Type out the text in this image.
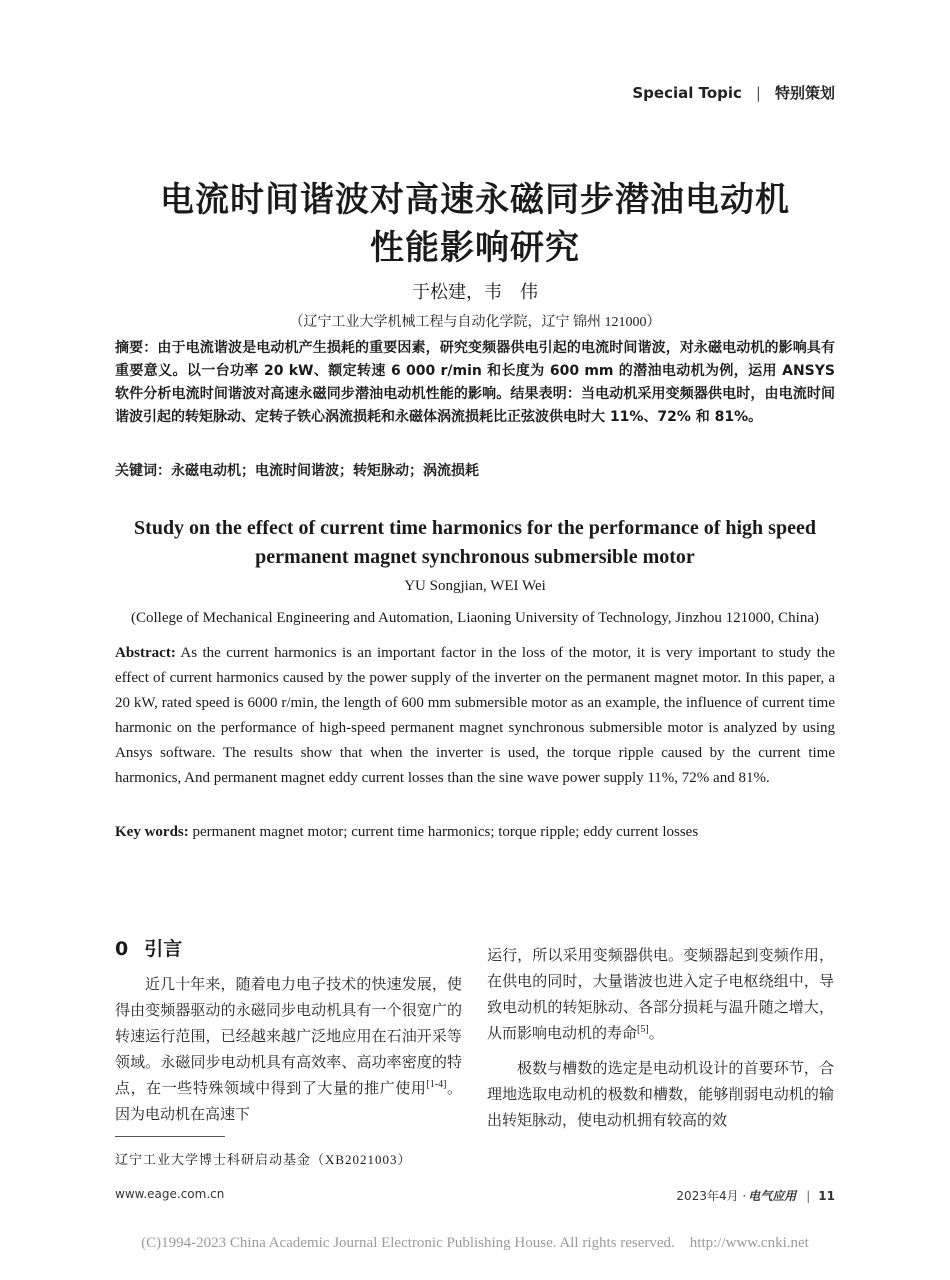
Special Topic | 特别策划
电流时间谐波对高速永磁同步潜油电动机
性能影响研究
于松建，韦　伟
（辽宁工业大学机械工程与自动化学院，辽宁 锦州 121000）
摘要：由于电流谐波是电动机产生损耗的重要因素，研究变频器供电引起的电流时间谐波，对永磁电动机的影响具有重要意义。以一台功率 20 kW、额定转速 6 000 r/min 和长度为 600 mm 的潜油电动机为例，运用 ANSYS 软件分析电流时间谐波对高速永磁同步潜油电动机性能的影响。结果表明：当电动机采用变频器供电时，由电流时间谐波引起的转矩脉动、定转子铁心涡流损耗和永磁体涡流损耗比正弦波供电时大 11%、72% 和 81%。
关键词：永磁电动机；电流时间谐波；转矩脉动；涡流损耗
Study on the effect of current time harmonics for the performance of high speed
permanent magnet synchronous submersible motor
YU Songjian, WEI Wei
(College of Mechanical Engineering and Automation, Liaoning University of Technology, Jinzhou 121000, China)
Abstract: As the current harmonics is an important factor in the loss of the motor, it is very important to study the effect of current harmonics caused by the power supply of the inverter on the permanent magnet motor. In this paper, a 20 kW, rated speed is 6000 r/min, the length of 600 mm submersible motor as an example, the influence of current time harmonic on the performance of high-speed permanent magnet synchronous submersible motor is analyzed by using Ansys software. The results show that when the inverter is used, the torque ripple caused by the current time harmonics, And permanent magnet eddy current losses than the sine wave power supply 11%, 72% and 81%.
Key words: permanent magnet motor; current time harmonics; torque ripple; eddy current losses
0 引言

近几十年来，随着电力电子技术的快速发展，使得由变频器驱动的永磁同步电动机具有一个很宽广的转速运行范围，已经越来越广泛地应用在石油开采等领域。永磁同步电动机具有高效率、高功率密度的特点，在一些特殊领域中得到了大量的推广使用[1-4]。因为电动机在高速下

运行，所以采用变频器供电。变频器起到变频作用，在供电的同时，大量谐波也进入定子电枢绕组中，导致电动机的转矩脉动、各部分损耗与温升随之增大，从而影响电动机的寿命[5]。

极数与槽数的选定是电动机设计的首要环节，合理地选取电动机的极数和槽数，能够削弱电动机的输出转矩脉动，使电动机拥有较高的效

辽宁工业大学博士科研启动基金（XB2021003）
www.eage.com.cn	2023年4月 · 电气应用 | 11
(C)1994-2023 China Academic Journal Electronic Publishing House. All rights reserved.    http://www.cnki.net
